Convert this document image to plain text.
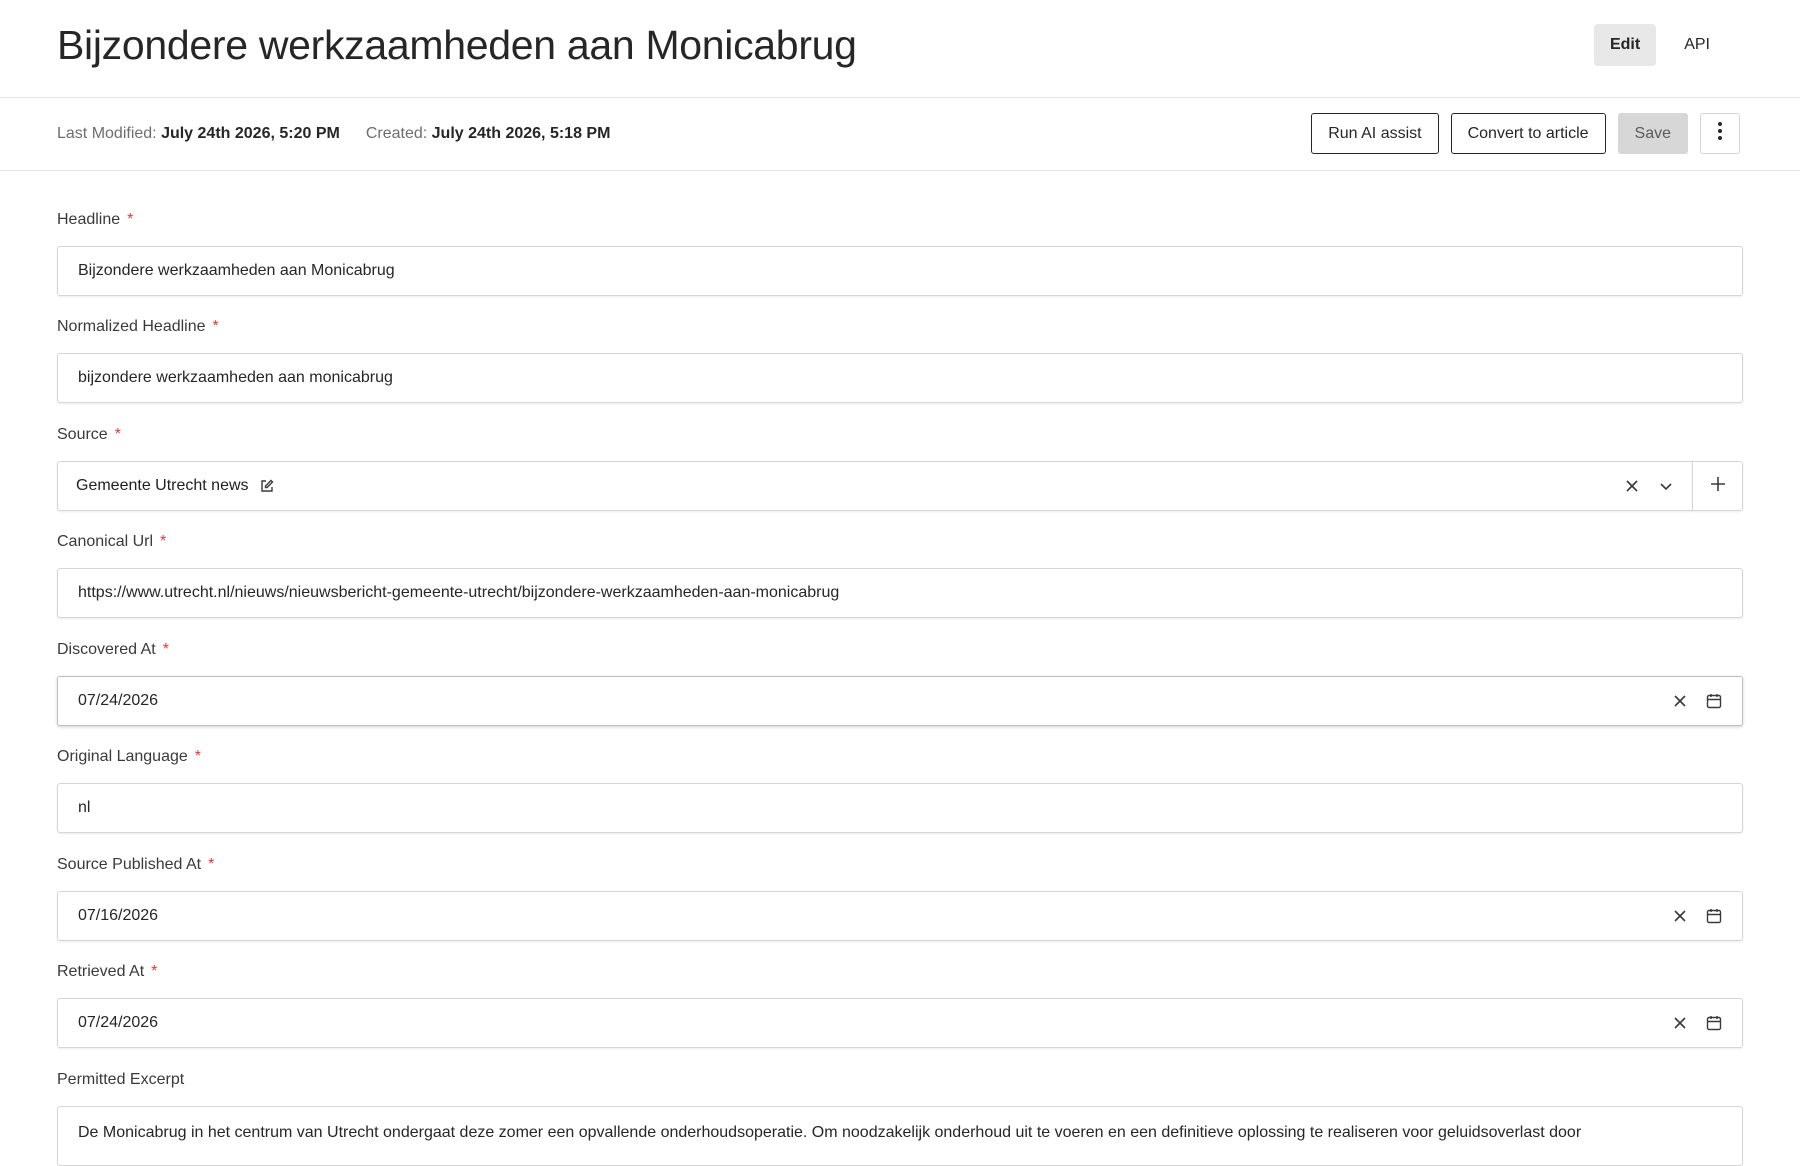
Bijzondere werkzaamheden aan Monicabrug	Edit	API
Last Modified: July 24th 2026, 5:20 PM Created: July 24th 2026, 5:18 PM	Run AI assist	Convert to article	Save
Headline *
Bijzondere werkzaamheden aan Monicabrug
Normalized Headline *
bijzondere werkzaamheden aan monicabrug
Source *
Gemeente Utrecht news
Canonical Url *
https://www.utrecht.nl/nieuws/nieuwsbericht-gemeente-utrecht/bijzondere-werkzaamheden-aan-monicabrug
Discovered At *
07/24/2026
Original Language *
nl
Source Published At *
07/16/2026
Retrieved At *
07/24/2026
Permitted Excerpt
De Monicabrug in het centrum van Utrecht ondergaat deze zomer een opvallende onderhoudsoperatie. Om noodzakelijk onderhoud uit te voeren en een definitieve oplossing te realiseren voor geluidsoverlast door
